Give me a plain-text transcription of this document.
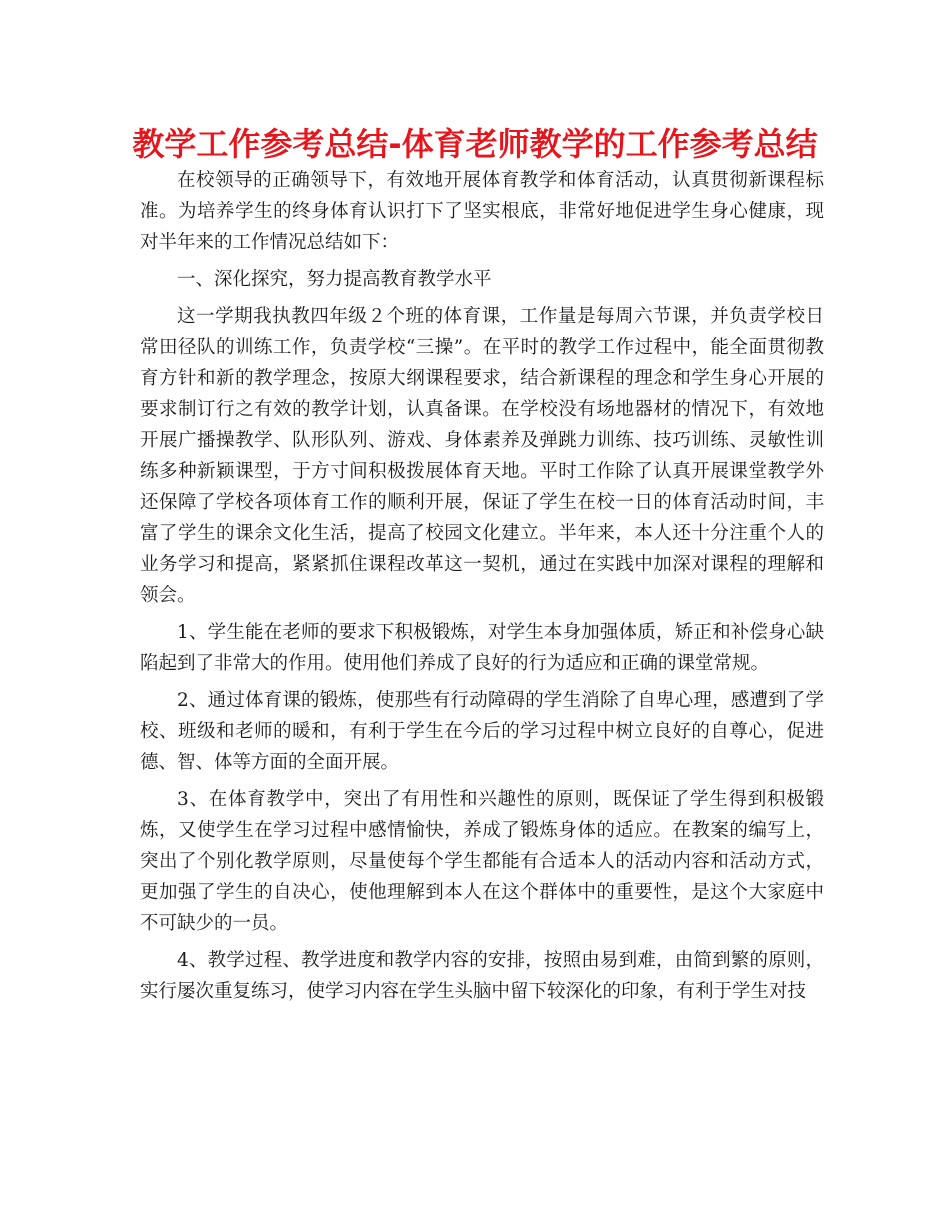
教学工作参考总结-体育老师教学的工作参考总结

在校领导的正确领导下，有效地开展体育教学和体育活动，认真贯彻新课程标准。为培养学生的终身体育认识打下了坚实根底，非常好地促进学生身心健康，现对半年来的工作情况总结如下：

一、深化探究，努力提高教育教学水平

这一学期我执教四年级２个班的体育课，工作量是每周六节课，并负责学校日常田径队的训练工作，负责学校“三操”。在平时的教学工作过程中，能全面贯彻教育方针和新的教学理念，按原大纲课程要求，结合新课程的理念和学生身心开展的要求制订行之有效的教学计划，认真备课。在学校没有场地器材的情况下，有效地开展广播操教学、队形队列、游戏、身体素养及弹跳力训练、技巧训练、灵敏性训练多种新颖课型，于方寸间积极拨展体育天地。平时工作除了认真开展课堂教学外还保障了学校各项体育工作的顺利开展，保证了学生在校一日的体育活动时间，丰富了学生的课余文化生活，提高了校园文化建立。半年来，本人还十分注重个人的业务学习和提高，紧紧抓住课程改革这一契机，通过在实践中加深对课程的理解和领会。

1、学生能在老师的要求下积极锻炼，对学生本身加强体质，矫正和补偿身心缺陷起到了非常大的作用。使用他们养成了良好的行为适应和正确的课堂常规。

2、通过体育课的锻炼，使那些有行动障碍的学生消除了自卑心理，感遭到了学校、班级和老师的暖和，有利于学生在今后的学习过程中树立良好的自尊心，促进德、智、体等方面的全面开展。

3、在体育教学中，突出了有用性和兴趣性的原则，既保证了学生得到积极锻炼，又使学生在学习过程中感情愉快，养成了锻炼身体的适应。在教案的编写上，突出了个别化教学原则，尽量使每个学生都能有合适本人的活动内容和活动方式，更加强了学生的自决心，使他理解到本人在这个群体中的重要性，是这个大家庭中不可缺少的一员。

4、教学过程、教学进度和教学内容的安排，按照由易到难，由简到繁的原则，实行屡次重复练习，使学习内容在学生头脑中留下较深化的印象，有利于学生对技
